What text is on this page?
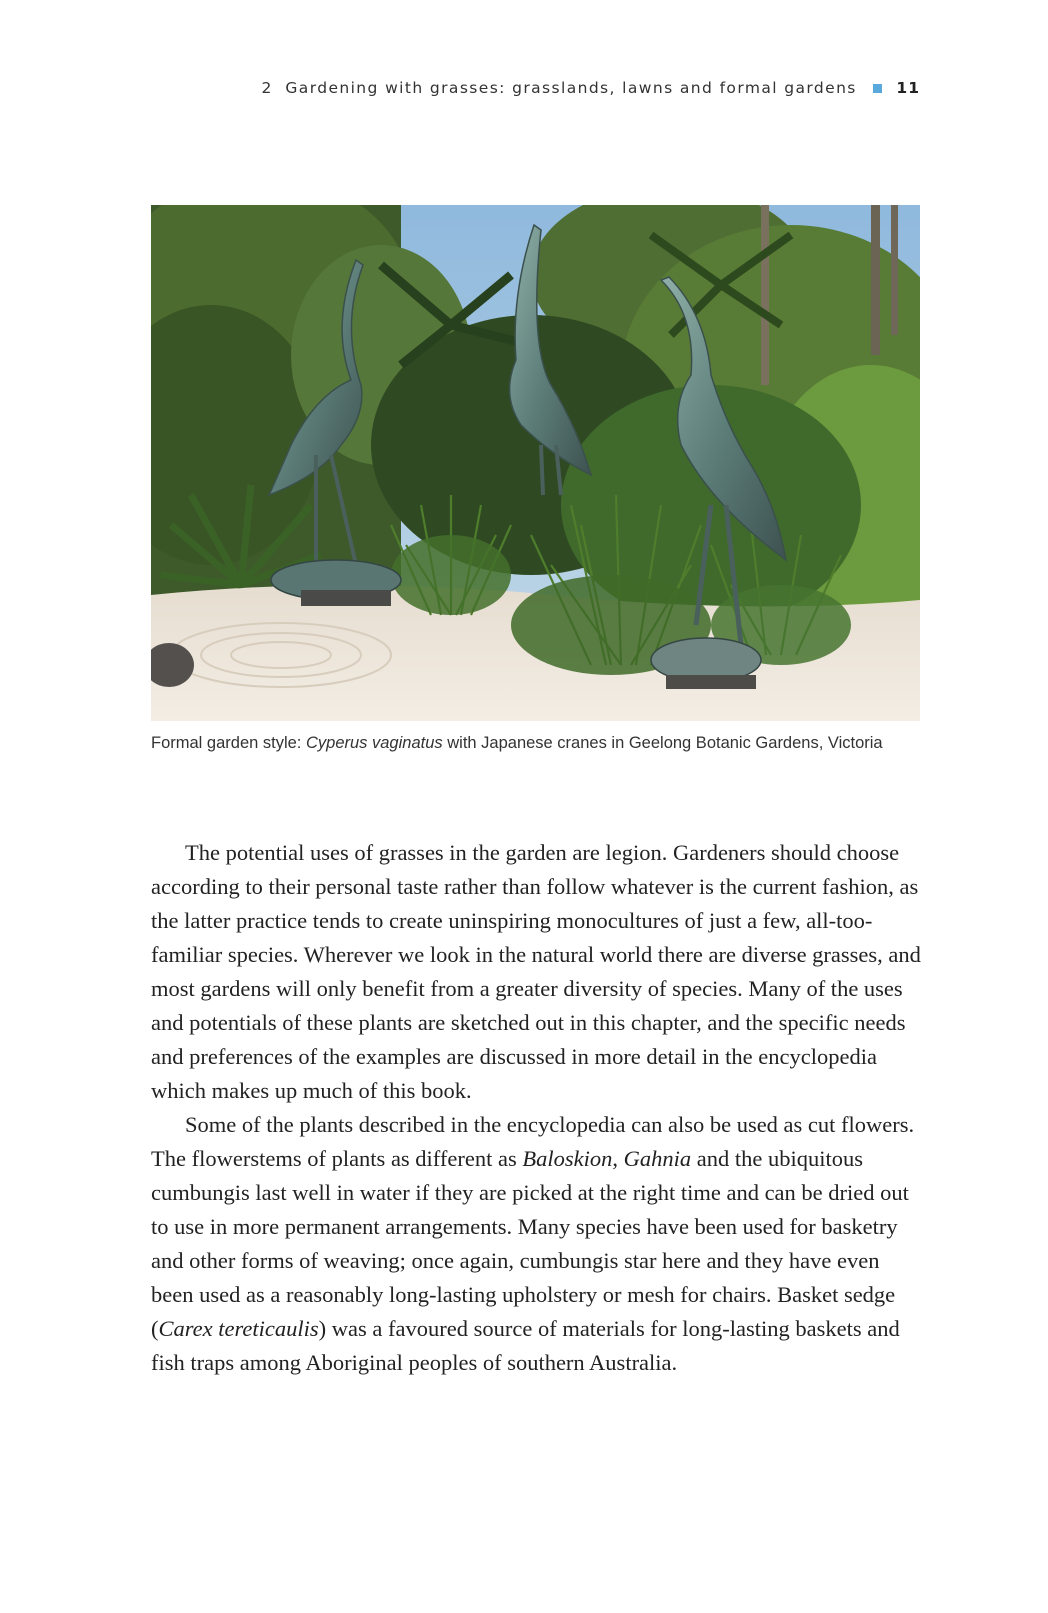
2 Gardening with grasses: grasslands, lawns and formal gardens	11
Formal garden style: Cyperus vaginatus with Japanese cranes in Geelong Botanic Gardens, Victoria

The potential uses of grasses in the garden are legion. Gardeners should choose according to their personal taste rather than follow whatever is the current fashion, as the latter practice tends to create uninspiring monocultures of just a few, all-too-familiar species. Wherever we look in the natural world there are diverse grasses, and most gardens will only benefit from a greater diversity of species. Many of the uses and potentials of these plants are sketched out in this chapter, and the specific needs and preferences of the examples are discussed in more detail in the encyclopedia which makes up much of this book.

Some of the plants described in the encyclopedia can also be used as cut flowers. The flowerstems of plants as different as Baloskion, Gahnia and the ubiquitous cumbungis last well in water if they are picked at the right time and can be dried out to use in more permanent arrangements. Many species have been used for basketry and other forms of weaving; once again, cumbungis star here and they have even been used as a reasonably long-lasting upholstery or mesh for chairs. Basket sedge (Carex tereticaulis) was a favoured source of materials for long-lasting baskets and fish traps among Aboriginal peoples of southern Australia.
